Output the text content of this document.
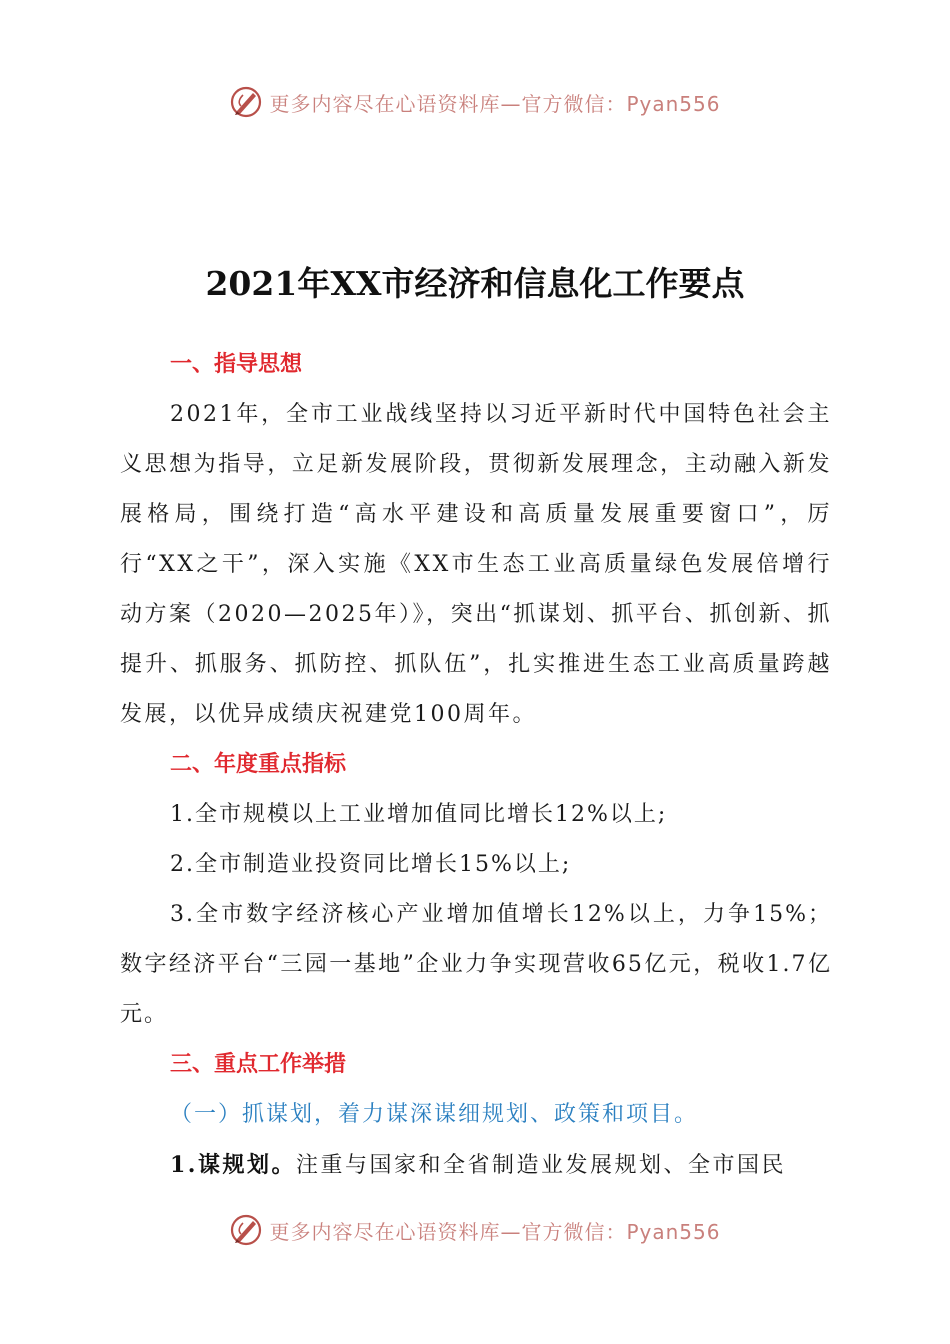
更多内容尽在心语资料库—官方微信：Pyan556
2021年XX市经济和信息化工作要点
一、指导思想
2021年，全市工业战线坚持以习近平新时代中国特色社会主义思想为指导，立足新发展阶段，贯彻新发展理念，主动融入新发展格局，围绕打造“高水平建设和高质量发展重要窗口”，厉行“XX之干”，深入实施《XX市生态工业高质量绿色发展倍增行动方案（2020—2025年）》，突出“抓谋划、抓平台、抓创新、抓提升、抓服务、抓防控、抓队伍”，扎实推进生态工业高质量跨越发展，以优异成绩庆祝建党100周年。
二、年度重点指标
1.全市规模以上工业增加值同比增长12%以上;
2.全市制造业投资同比增长15%以上;
3.全市数字经济核心产业增加值增长12%以上，力争15%；数字经济平台“三园一基地”企业力争实现营收65亿元，税收1.7亿元。
三、重点工作举措
（一）抓谋划，着力谋深谋细规划、政策和项目。
1.谋规划。注重与国家和全省制造业发展规划、全市国民
更多内容尽在心语资料库—官方微信：Pyan556
